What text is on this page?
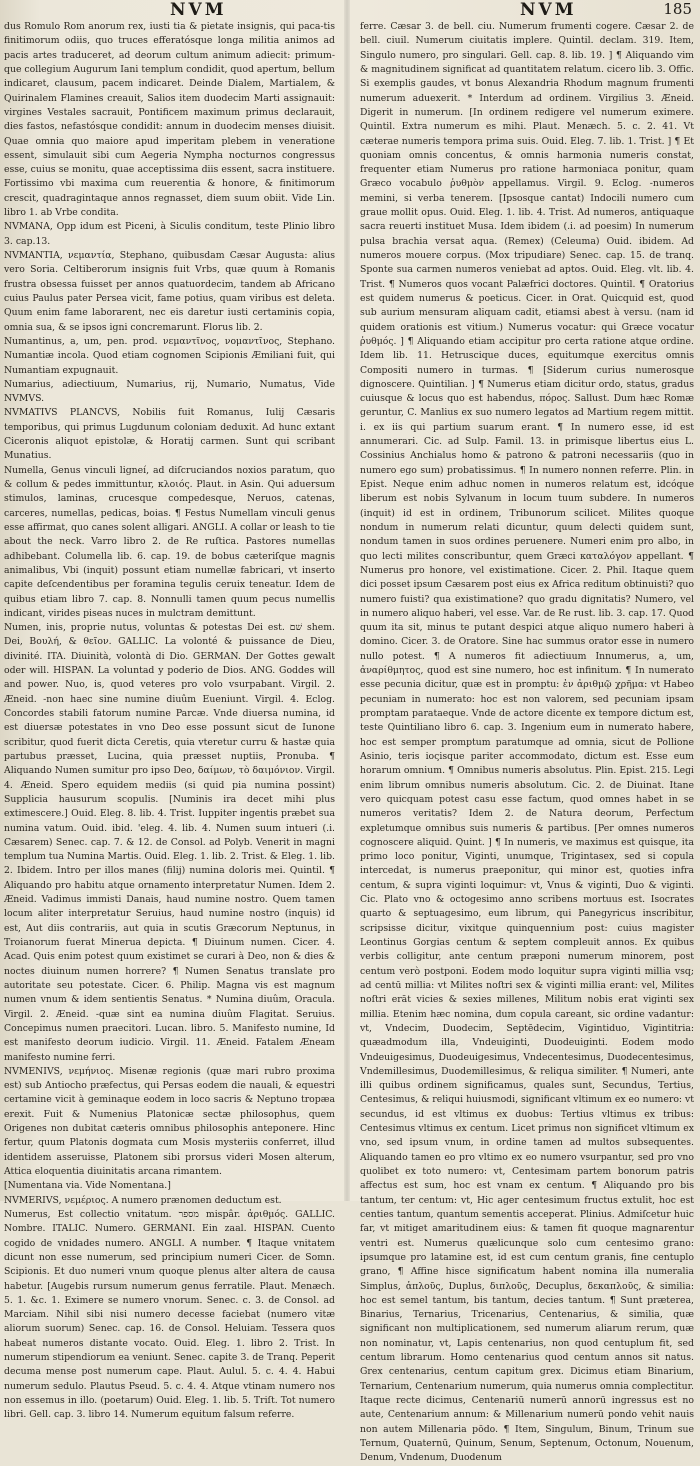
NVM	NVM	185

dus Romulo Rom anorum rex, iusti tia & pietate insignis, qui paca-tis finitimorum odiis, quo truces efferatósque longa militia animos ad pacis artes traduceret, ad deorum cultum animum adiecit: primum-que collegium Augurum Iani templum condidit, quod apertum, bellum indicaret, clausum, pacem indicaret. Deinde Dialem, Martialem, & Quirinalem Flamines creauit, Salios item duodecim Marti assignauit: virgines Vestales sacrauit, Pontificem maximum primus declarauit, dies fastos, nefastósque condidit: annum in duodecim menses diuisit. Quae omnia quo maiore apud imperitam plebem in veneratione essent, simulauit sibi cum Aegeria Nympha nocturnos congressus esse, cuius se monitu, quae acceptissima diis essent, sacra instituere. Fortissimo vbi maxima cum reuerentia & honore, & finitimorum crescit, quadragintaque annos regnasset, diem suum obiit. Vide Lin. libro 1. ab Vrbe condita.

NVMANA, Opp idum est Piceni, à Siculis conditum, teste Plinio libro 3. cap.13.

NVMANTIA, νεμαντία, Stephano, quibusdam Cæsar Augusta: alius vero Soria. Celtiberorum insignis fuit Vrbs, quæ quum à Romanis frustra obsessa fuisset per annos quatuordecim, tandem ab Africano cuius Paulus pater Persea vicit, fame potius, quam viribus est deleta. Quum enim fame laborarent, nec eis daretur iusti certaminis copia, omnia sua, & se ipsos igni concremarunt. Florus lib. 2.

Numantinus, a, um, pen. prod. νεμαντῖνος, νομαντῖνος, Stephano. Numantiæ incola. Quod etiam cognomen Scipionis Æmiliani fuit, qui Numantiam expugnauit.

Numarius, adiectiuum, Numarius, rij, Numario, Numatus, Vide NVMVS.

NVMATIVS PLANCVS, Nobilis fuit Romanus, Iulij Cæsaris temporibus, qui primus Lugdunum coloniam deduxit. Ad hunc extant Ciceronis aliquot epistolæ, & Horatij carmen. Sunt qui scribant Munatius.

Numella, Genus vinculi ligneí, ad diſcruciandos noxios paratum, quo & collum & pedes immittuntur, κλοιός. Plaut. in Asin. Qui aduersum stimulos, laminas, crucesque compedesque, Neruos, catenas, carceres, numellas, pedicas, boias. ¶ Festus Numellam vinculi genus esse affirmat, quo canes solent alligari. ANGLI. A collar or leash to tie about the neck. Varro libro 2. de Re ruſtica. Pastores numellas adhibebant. Columella lib. 6. cap. 19. de bobus cæteriſque magnis animalibus, Vbi (inquit) possunt etiam numellæ fabricari, vt inserto capite deſcendentibus per foramina tegulis ceruix teneatur. Idem de quibus etiam libro 7. cap. 8. Nonnulli tamen quum pecus numellis indicant, virides piseas nuces in mulctram demittunt.

Numen, inis, proprie nutus, voluntas & potestas Dei est. שׁם shem. Dei, Βουλή, & θεῖον. GALLIC. La volonté & puissance de Dieu, divinité. ITA. Diuinità, volontà di Dio. GERMAN. Der Gottes gewalt oder will. HISPAN. La voluntad y poderio de Dios. ANG. Goddes will and power. Nuo, is, quod veteres pro volo vsurpabant. Virgil. 2. Æneid. -non haec sine numine diuûm Eueniunt. Virgil. 4. Eclog. Concordes stabili fatorum numine Parcæ. Vnde diuersa numina, id est diuersæ potestates in vno Deo esse possunt sicut de Iunone scribitur, quod fuerit dicta Ceretis, quia vteretur curru & hastæ quia partubus præsset, Lucina, quia præsset nuptiis, Pronuba. ¶ Aliquando Numen sumitur pro ipso Deo, δαίμων, τὸ δαιμόνιον. Virgil. 4. Æneid. Spero equidem mediis (si quid pia numina possint) Supplicia hausurum scopulis. [Numinis ira decet mihi plus extimescere.] Ouid. Eleg. 8. lib. 4. Trist. Iuppiter ingentis præbet sua numina vatum. Ouid. ibid. 'eleg. 4. lib. 4. Numen suum intueri (.i. Cæsarem) Senec. cap. 7. & 12. de Consol. ad Polyb. Venerit in magni templum tua Numina Martis. Ouid. Eleg. 1. lib. 2. Trist. & Eleg. 1. lib. 2. Ibidem. Intro per illos manes (filij) numina doloris mei. Quintil. ¶ Aliquando pro habitu atque ornamento interpretatur Numen. Idem 2. Æneid. Vadimus immisti Danais, haud numine nostro. Quem tamen locum aliter interpretatur Seruius, haud numine nostro (inquis) id est, Aut diis contrariis, aut quia in scutis Græcorum Neptunus, in Troianorum fuerat Minerua depicta. ¶ Diuinum numen. Cicer. 4. Acad. Quis enim potest quum existimet se curari à Deo, non & dies & noctes diuinum numen horrere? ¶ Numen Senatus translate pro autoritate seu potestate. Cicer. 6. Philip. Magna vis est magnum numen vnum & idem sentientis Senatus. * Numina diuûm, Oracula. Virgil. 2. Æneid. -quæ sint ea numina diuûm Flagitat. Seruius. Concepimus numen praecitori. Lucan. libro. 5. Manifesto numine, Id est manifesto deorum iudicio. Virgil. 11. Æneid. Fatalem Æneam manifesto numine ferri.

NVMENIVS, νεμήνιος. Misenæ regionis (quæ mari rubro proxima est) sub Antiocho præfectus, qui Persas eodem die nauali, & equestri certamine vicit à geminaque eodem in loco sacris & Neptuno tropæa erexit. Fuit & Numenius Platonicæ sectæ philosophus, quem Origenes non dubitat cæteris omnibus philosophis anteponere. Hinc fertur, quum Platonis dogmata cum Mosis mysteriis conferret, illud identidem asseruisse, Platonem sibi prorsus videri Mosen alterum, Attica eloquentia diuinitatis arcana rimantem.

[Numentana via. Vide Nomentana.]

NVMERIVS, νεμέριος. A numero prænomen deductum est.

Numerus, Est collectio vnitatum. מספר mispâr. ἀριθμός. GALLIC. Nombre. ITALIC. Numero. GERMANI. Ein zaal. HISPAN. Cuento cogido de vnidades numero. ANGLI. A number. ¶ Itaque vnitatem dicunt non esse numerum, sed principium numeri Cicer. de Somn. Scipionis. Et duo numeri vnum quoque plenus alter altera de causa habetur. [Augebis rursum numerum genus ferratile. Plaut. Menæch. 5. 1. &c. 1. Eximere se numero vnorum. Senec. c. 3. de Consol. ad Marciam. Nihil sibi nisi numero decesse faciebat (numero vitæ aliorum suorum) Senec. cap. 16. de Consol. Heluiam. Tessera quos habeat numeros distante vocato. Ouid. Eleg. 1. libro 2. Trist. In numerum stipendiorum ea veniunt. Senec. capite 3. de Tranq. Peperit decuma mense post numerum cape. Plaut. Aulul. 5. c. 4. 4. Habui numerum sedulo. Plautus Pseud. 5. c. 4. 4. Atque vtinam numero nos non essemus in illo. (poetarum) Ouid. Eleg. 1. lib. 5. Triſt. Tot numero libri. Gell. cap. 3. libro 14. Numerum equitum falsum referre.

ferre. Cæsar 3. de bell. ciu. Numerum frumenti cogere. Cæsar 2. de bell. ciuil. Numerum ciuitatis implere. Quintil. declam. 319. Item, Singulo numero, pro singulari. Gell. cap. 8. lib. 19. ] ¶ Aliquando vim & magnitudinem significat ad quantitatem relatum. cicero lib. 3. Offic. Si exemplis gaudes, vt bonus Alexandria Rhodum magnum frumenti numerum aduexerit. * Interdum ad ordinem. Virgilius 3. Æneid. Digerit in numerum. [In ordinem redigere vel numerum eximere. Quintil. Extra numerum es mihi. Plaut. Menæch. 5. c. 2. 41. Vt cæterae numeris tempora prima suis. Ouid. Eleg. 7. lib. 1. Trist. ] ¶ Et quoniam omnis concentus, & omnis harmonia numeris constat, frequenter etiam Numerus pro ratione harmoniaca ponitur, quam Græco vocabulo ῥυθμὸν appellamus. Virgil. 9. Eclog. -numeros memini, si verba tenerem. [Ipsosque cantat) Indocili numero cum graue mollit opus. Ouid. Eleg. 1. lib. 4. Trist. Ad numeros, antiquaque sacra reuerti instituet Musa. Idem ibidem (.i. ad poesim) In numerum pulsa brachia versat aqua. (Remex) (Celeuma) Ouid. ibidem. Ad numeros mouere corpus. (Mox tripudiare) Senec. cap. 15. de tranq. Sponte sua carmen numeros veniebat ad aptos. Ouid. Eleg. vlt. lib. 4. Trist. ¶ Numeros quos vocant Palæfrici doctores. Quintil. ¶ Oratorius est quidem numerus & poeticus. Cicer. in Orat. Quicquid est, quod sub aurium mensuram aliquam cadit, etiamsi abest à versu. (nam id quidem orationis est vitium.) Numerus vocatur: qui Græce vocatur ῥυθμός. ] ¶ Aliquando etiam accipitur pro certa ratione atque ordine. Idem lib. 11. Hetruscique duces, equitumque exercitus omnis Compositi numero in turmas. ¶ [Siderum curius numerosque dignoscere. Quintilian. ] ¶ Numerus etiam dicitur ordo, status, gradus cuiusque & locus quo est habendus, πόρος. Sallust. Dum hæc Romæ geruntur, C. Manlius ex suo numero legatos ad Martium regem mittit. i. ex iis qui partium suarum erant. ¶ In numero esse, id est annumerari. Cic. ad Sulp. Famil. 13. in primisque libertus eius L. Cossinius Anchialus homo & patrono & patroni necessariis (quo in numero ego sum) probatissimus. ¶ In numero nonnen referre. Plin. in Epist. Neque enim adhuc nomen in numeros relatum est, idcóque liberum est nobis Sylvanum in locum tuum subdere. In numeros (inquit) id est in ordinem, Tribunorum scilicet. Milites quoque nondum in numerum relati dicuntur, quum delecti quidem sunt, nondum tamen in suos ordines peruenere. Numeri enim pro albo, in quo lecti milites conscribuntur, quem Græci καταλόγον appellant. ¶ Numerus pro honore, vel existimatione. Cicer. 2. Phil. Itaque quem dici posset ipsum Cæsarem post eius ex Africa reditum obtinuisti? quo numero fuisti? qua existimatione? quo gradu dignitatis? Numero, vel in numero aliquo haberi, vel esse. Var. de Re rust. lib. 3. cap. 17. Quod quum ita sit, minus te putant despici atque aliquo numero haberi à domino. Cicer. 3. de Oratore. Sine hac summus orator esse in numero nullo potest. ¶ A numeros fit adiectiuum Innumerus, a, um, ἀναρίθμητος, quod est sine numero, hoc est infinitum. ¶ In numerato esse pecunia dicitur, quæ est in promptu: ἐν ἀριθμῷ χρῆμα: vt Habeo pecuniam in numerato: hoc est non valorem, sed pecuniam ipsam promptam parataeque. Vnde de actore dicente ex tempore dictum est, teste Quintiliano libro 6. cap. 3. Ingenium eum in numerato habere, hoc est semper promptum paratumque ad omnia, sicut de Pollione Asinio, teris ioςisque pariter accommodato, dictum est. Esse eum horarum omnium. ¶ Omnibus numeris absolutus. Plin. Epist. 215. Legi enim librum omnibus numeris absolutum. Cic. 2. de Diuinat. Itane vero quicquam potest casu esse factum, quod omnes habet in se numeros veritatis? Idem 2. de Natura deorum, Perfectum expletumque omnibus suis numeris & partibus. [Per omnes numeros cognoscere aliquid. Quint. ] ¶ In numeris, ve maximus est quisque, ita primo loco ponitur, Viginti, unumque, Trigintasex, sed si copula intercedat, is numerus praeponitur, qui minor est, quoties infra centum, & supra viginti loquimur: vt, Vnus & viginti, Duo & viginti. Cic. Plato vno & octogesimo anno scribens mortuus est. Isocrates quarto & septuagesimo, eum librum, qui Panegyricus inscribitur, scripsisse dicitur, vixitque quinquennium post: cuius magister Leontinus Gorgias centum & septem compleuit annos. Ex quibus verbis colligitur, ante centum præponi numerum minorem, post centum verò postponi. Eodem modo loquitur supra viginti millia vsq; ad centū millia: vt Milites noſtri sex & viginti millia erant: vel, Milites noſtri erāt vicies & sexies millenes, Militum nobis erat viginti sex millia. Etenim hæc nomina, dum copula careant, sic ordine vadantur: vt, Vndecim, Duodecim, Septēdecim, Vigintiduo, Vigintitria: quæadmodum illa, Vndeuiginti, Duodeuiginti. Eodem modo Vndeuigesimus, Duodeuigesimus, Vndecentesimus, Duodecentesimus, Vndemillesimus, Duodemillesimus, & reliqua similiter. ¶ Numeri, ante illi quibus ordinem significamus, quales sunt, Secundus, Tertius, Centesimus, & reliqui huiusmodi, significant vltimum ex eo numero: vt secundus, id est vltimus ex duobus: Tertius vltimus ex tribus: Centesimus vltimus ex centum. Licet primus non significet vltimum ex vno, sed ipsum vnum, in ordine tamen ad multos subsequentes. Aliquando tamen eo pro vltimo ex eo numero vsurpantur, sed pro vno quolibet ex toto numero: vt, Centesimam partem bonorum patris affectus est sum, hoc est vnam ex centum. ¶ Aliquando pro bis tantum, ter centum: vt, Hic ager centesimum fructus extulit, hoc est centies tantum, quantum sementis acceperat. Plinius. Admiſcetur huic far, vt mitiget amaritudinem eius: & tamen fit quoque magnarentur ventri est. Numerus quælicunque solo cum centesimo grano: ipsumque pro latamine est, id est cum centum granis, fine centuplo grano, ¶ Affine hisce significatum habent nomina illa numeralia Simplus, ἁπλοῦς, Duplus, διπλοῦς, Decuplus, δεκαπλοῦς, & similia: hoc est semel tantum, bis tantum, decies tantum. ¶ Sunt præterea, Binarius, Ternarius, Tricenarius, Centenarius, & similia, quæ significant non multiplicationem, sed numerum aliarum rerum, quæ non nominatur, vt, Lapis centenarius, non quod centuplum fit, sed centum librarum. Homo centenarius quod centum annos sit natus. Grex centenarius, centum capitum grex. Dicimus etiam Binarium, Ternarium, Centenarium numerum, quia numerus omnia complectitur. Itaque recte dicimus, Centenariū numerū annorū ingressus est no aute, Centenarium annum: & Millenarium numerū pondo vehit nauis non autem Millenaria pōdo. ¶ Item, Singulum, Binum, Trinum sue Ternum, Quaternū, Quinum, Senum, Septenum, Octonum, Nouenum, Denum, Vndenum, Duodenum
